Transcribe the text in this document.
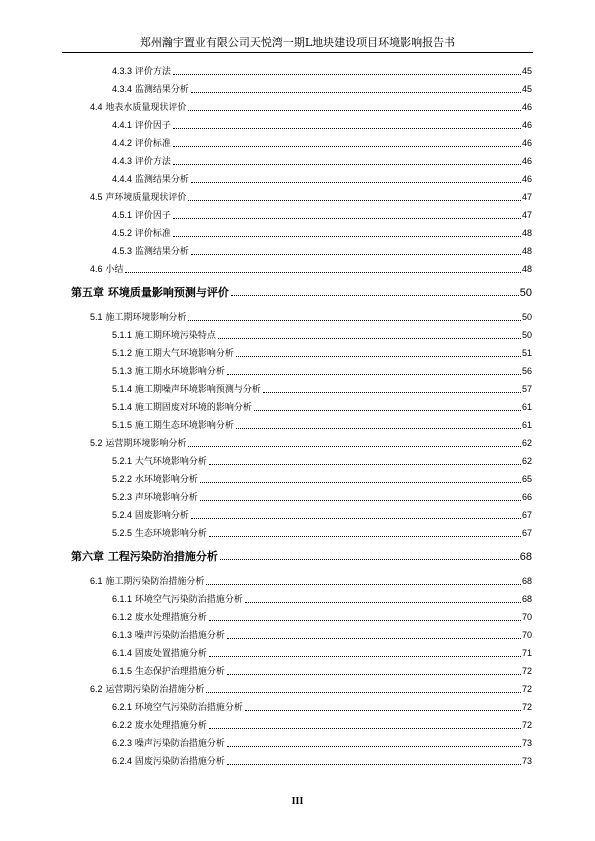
郑州瀚宇置业有限公司天悦湾一期L地块建设项目环境影响报告书
4.3.3 评价方法	45
4.3.4 监测结果分析	45
4.4 地表水质量现状评价	46
4.4.1 评价因子	46
4.4.2 评价标准	46
4.4.3 评价方法	46
4.4.4 监测结果分析	46
4.5 声环境质量现状评价	47
4.5.1 评价因子	47
4.5.2 评价标准	48
4.5.3 监测结果分析	48
4.6 小结	48
第五章 环境质量影响预测与评价	50
5.1 施工期环境影响分析	50
5.1.1 施工期环境污染特点	50
5.1.2 施工期大气环境影响分析	51
5.1.3 施工期水环境影响分析	56
5.1.4 施工期噪声环境影响预测与分析	57
5.1.4 施工期固废对环境的影响分析	61
5.1.5 施工期生态环境影响分析	61
5.2 运营期环境影响分析	62
5.2.1 大气环境影响分析	62
5.2.2 水环境影响分析	65
5.2.3 声环境影响分析	66
5.2.4 固废影响分析	67
5.2.5 生态环境影响分析	67
第六章 工程污染防治措施分析	68
6.1 施工期污染防治措施分析	68
6.1.1 环境空气污染防治措施分析	68
6.1.2 废水处理措施分析	70
6.1.3 噪声污染防治措施分析	70
6.1.4 固废处置措施分析	71
6.1.5 生态保护治理措施分析	72
6.2 运营期污染防治措施分析	72
6.2.1 环境空气污染防治措施分析	72
6.2.2 废水处理措施分析	72
6.2.3 噪声污染防治措施分析	73
6.2.4 固废污染防治措施分析	73
III
